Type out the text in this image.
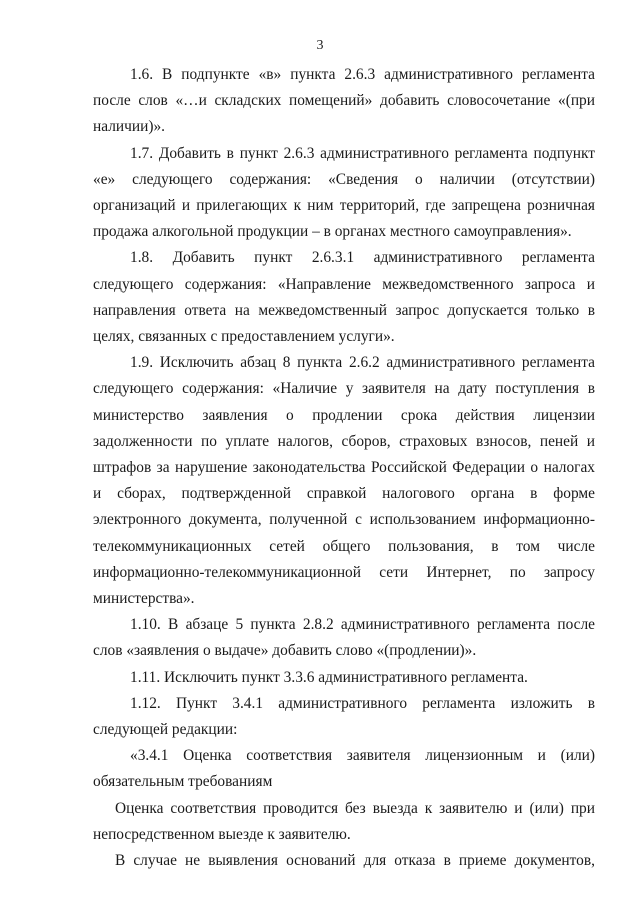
3

1.6. В подпункте «в» пункта 2.6.3 административного регламента после слов «…и складских помещений» добавить словосочетание «(при наличии)».

1.7. Добавить в пункт 2.6.3 административного регламента подпункт «е» следующего содержания: «Сведения о наличии (отсутствии) организаций и прилегающих к ним территорий, где запрещена розничная продажа алкогольной продукции – в органах местного самоуправления».

1.8. Добавить пункт 2.6.3.1 административного регламента следующего содержания: «Направление межведомственного запроса и направления ответа на межведомственный запрос допускается только в целях, связанных с предоставлением услуги».

1.9. Исключить абзац 8 пункта 2.6.2 административного регламента следующего содержания: «Наличие у заявителя на дату поступления в министерство заявления о продлении срока действия лицензии задолженности по уплате налогов, сборов, страховых взносов, пеней и штрафов за нарушение законодательства Российской Федерации о налогах и сборах, подтвержденной справкой налогового органа в форме электронного документа, полученной с использованием информационно-телекоммуникационных сетей общего пользования, в том числе информационно-телекоммуникационной сети Интернет, по запросу министерства».

1.10. В абзаце 5 пункта 2.8.2 административного регламента после слов «заявления о выдаче» добавить слово «(продлении)».

1.11. Исключить пункт 3.3.6 административного регламента.

1.12. Пункт 3.4.1 административного регламента изложить в следующей редакции:

«3.4.1 Оценка соответствия заявителя лицензионным и (или) обязательным требованиям

Оценка соответствия проводится без выезда к заявителю и (или) при непосредственном выезде к заявителю.

В случае не выявления оснований для отказа в приеме документов,
